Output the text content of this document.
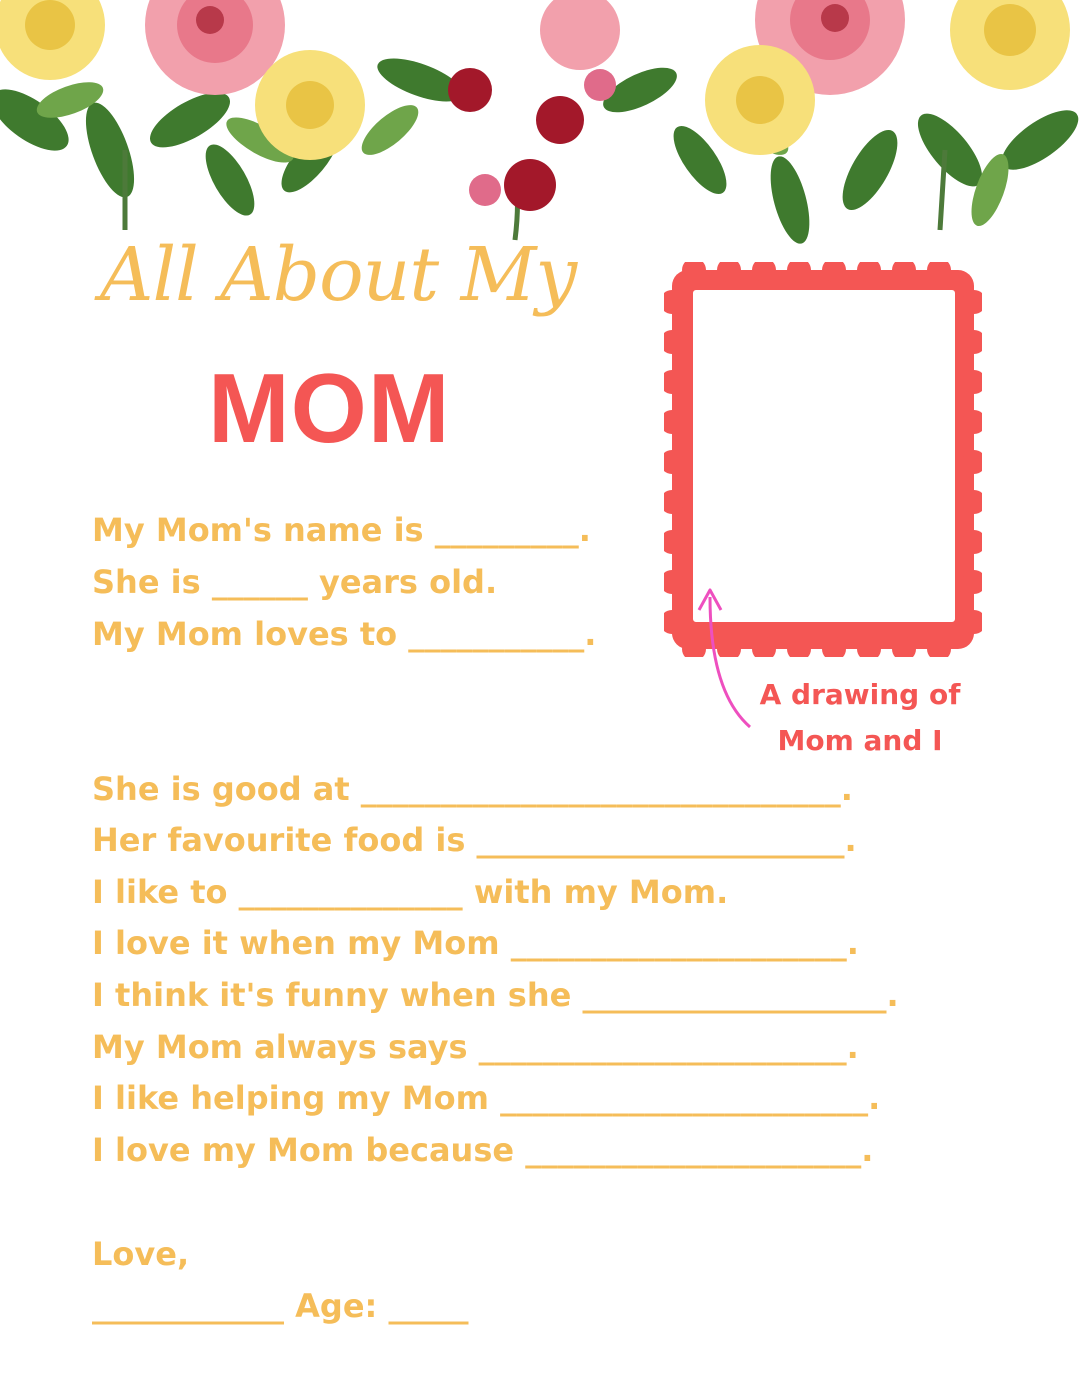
All About My
MOM
A drawing of
Mom and I
My Mom's name is _________.
She is ______ years old.
My Mom loves to ___________.
She is good at ______________________________.
Her favourite food is _______________________.
I like to ______________ with my Mom.
I love it when my Mom _____________________.
I think it's funny when she ___________________.
My Mom always says _______________________.
I like helping my Mom _______________________.
I love my Mom because _____________________.
Love,
____________ Age: _____
